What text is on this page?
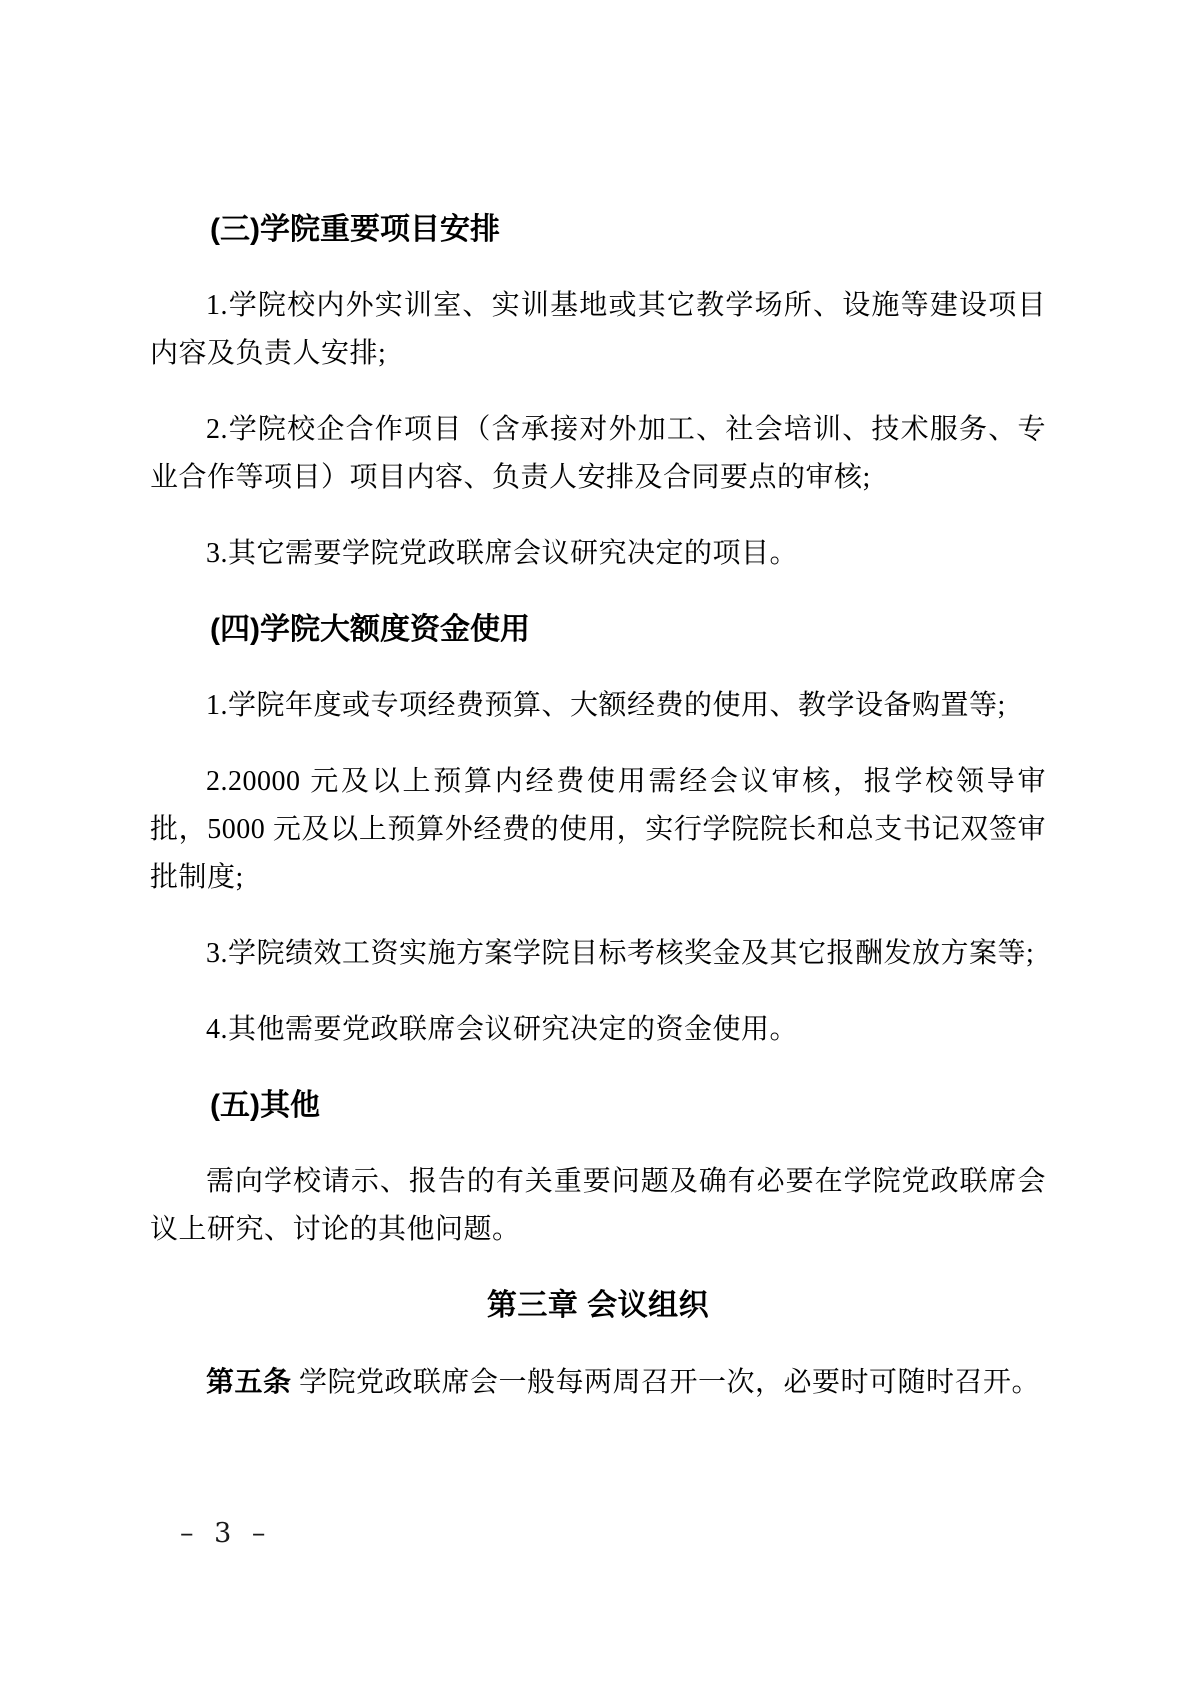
(三)学院重要项目安排

1.学院校内外实训室、实训基地或其它教学场所、设施等建设项目内容及负责人安排;

2.学院校企合作项目（含承接对外加工、社会培训、技术服务、专业合作等项目）项目内容、负责人安排及合同要点的审核;

3.其它需要学院党政联席会议研究决定的项目。

(四)学院大额度资金使用

1.学院年度或专项经费预算、大额经费的使用、教学设备购置等;

2.20000 元及以上预算内经费使用需经会议审核，报学校领导审批，5000 元及以上预算外经费的使用，实行学院院长和总支书记双签审批制度;

3.学院绩效工资实施方案学院目标考核奖金及其它报酬发放方案等;

4.其他需要党政联席会议研究决定的资金使用。

(五)其他

需向学校请示、报告的有关重要问题及确有必要在学院党政联席会议上研究、讨论的其他问题。

第三章 会议组织

第五条 学院党政联席会一般每两周召开一次，必要时可随时召开。

– 3 –
